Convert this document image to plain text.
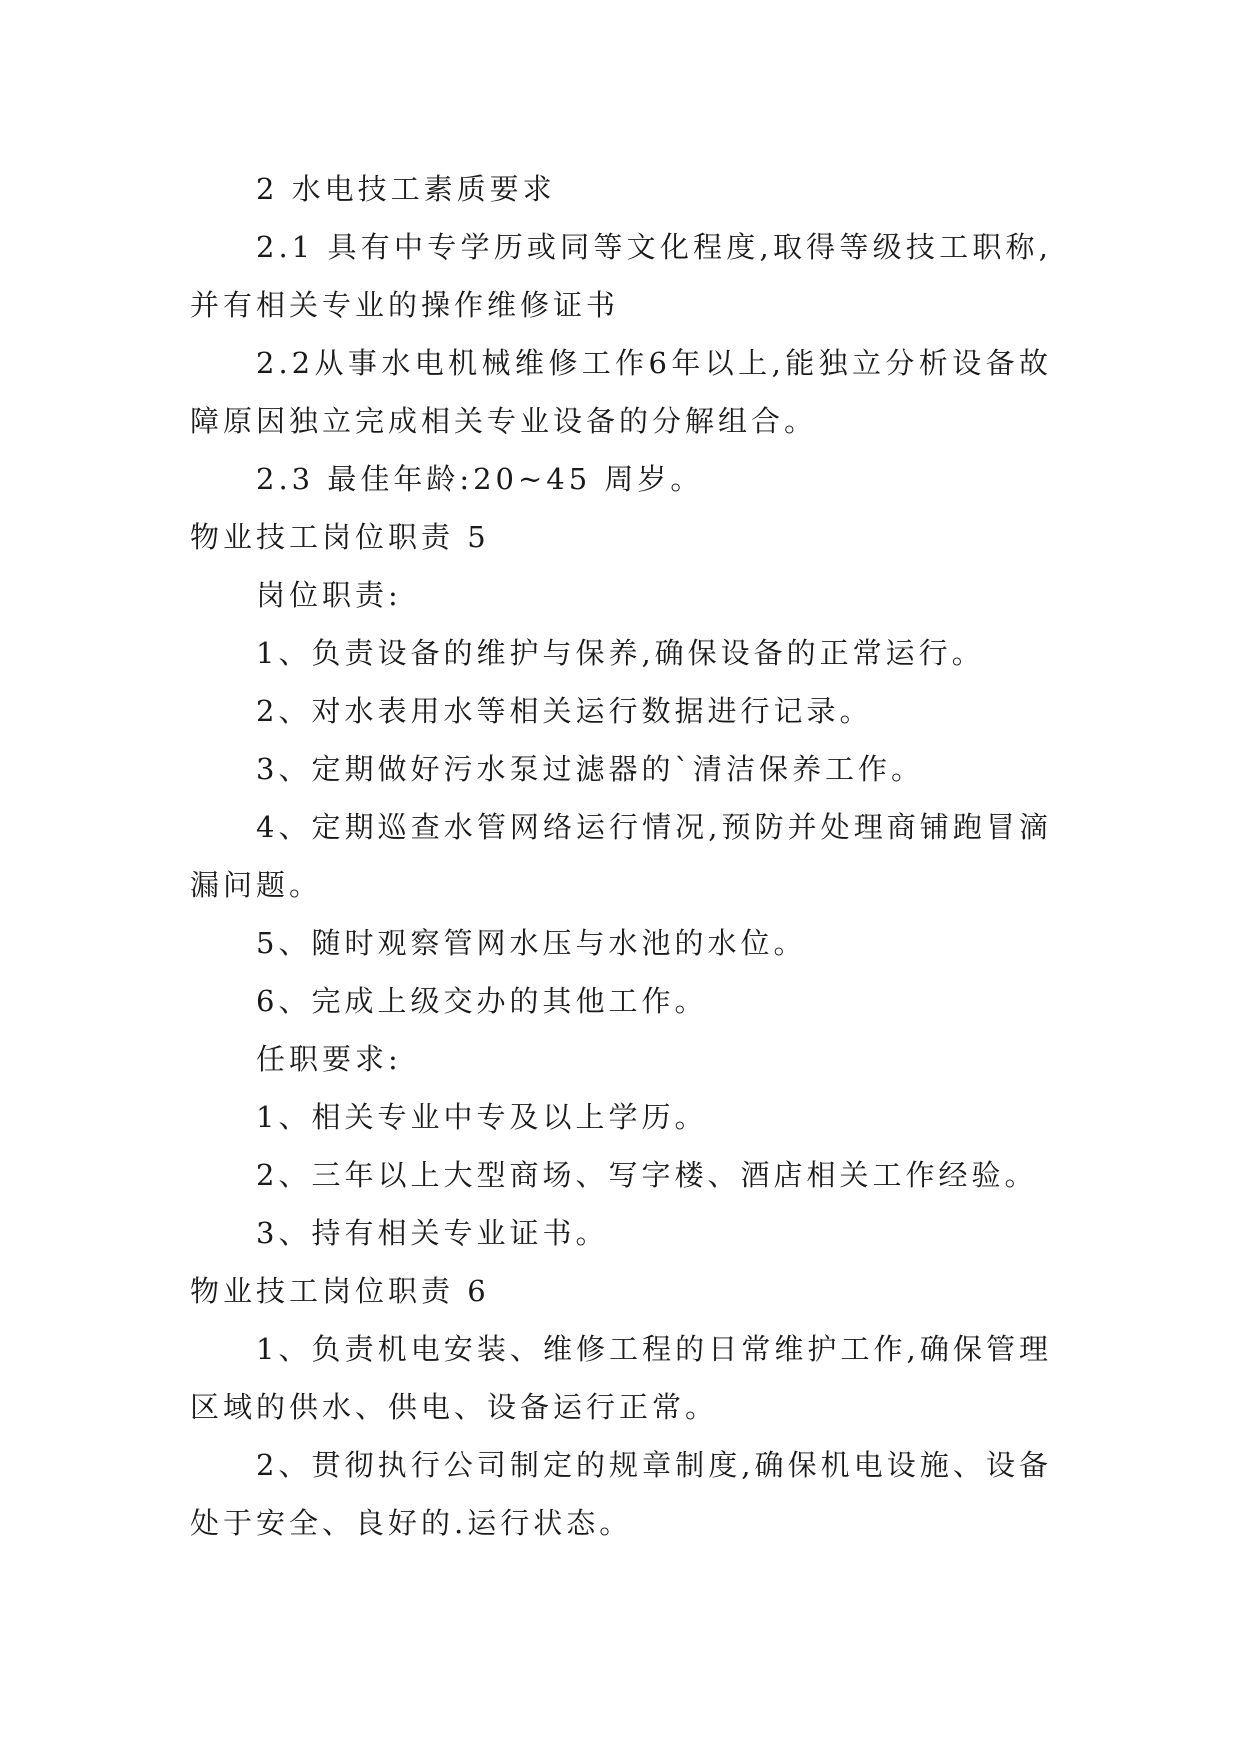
2 水电技工素质要求

2.1 具有中专学历或同等文化程度,取得等级技工职称,并有相关专业的操作维修证书

2.2从事水电机械维修工作6年以上,能独立分析设备故障原因独立完成相关专业设备的分解组合。

2.3 最佳年龄:20~45 周岁。

物业技工岗位职责 5

岗位职责:

1、负责设备的维护与保养,确保设备的正常运行。

2、对水表用水等相关运行数据进行记录。

3、定期做好污水泵过滤器的`清洁保养工作。

4、定期巡查水管网络运行情况,预防并处理商铺跑冒滴漏问题。

5、随时观察管网水压与水池的水位。

6、完成上级交办的其他工作。

任职要求:

1、相关专业中专及以上学历。

2、三年以上大型商场、写字楼、酒店相关工作经验。

3、持有相关专业证书。

物业技工岗位职责 6

1、负责机电安装、维修工程的日常维护工作,确保管理区域的供水、供电、设备运行正常。

2、贯彻执行公司制定的规章制度,确保机电设施、设备处于安全、良好的.运行状态。
